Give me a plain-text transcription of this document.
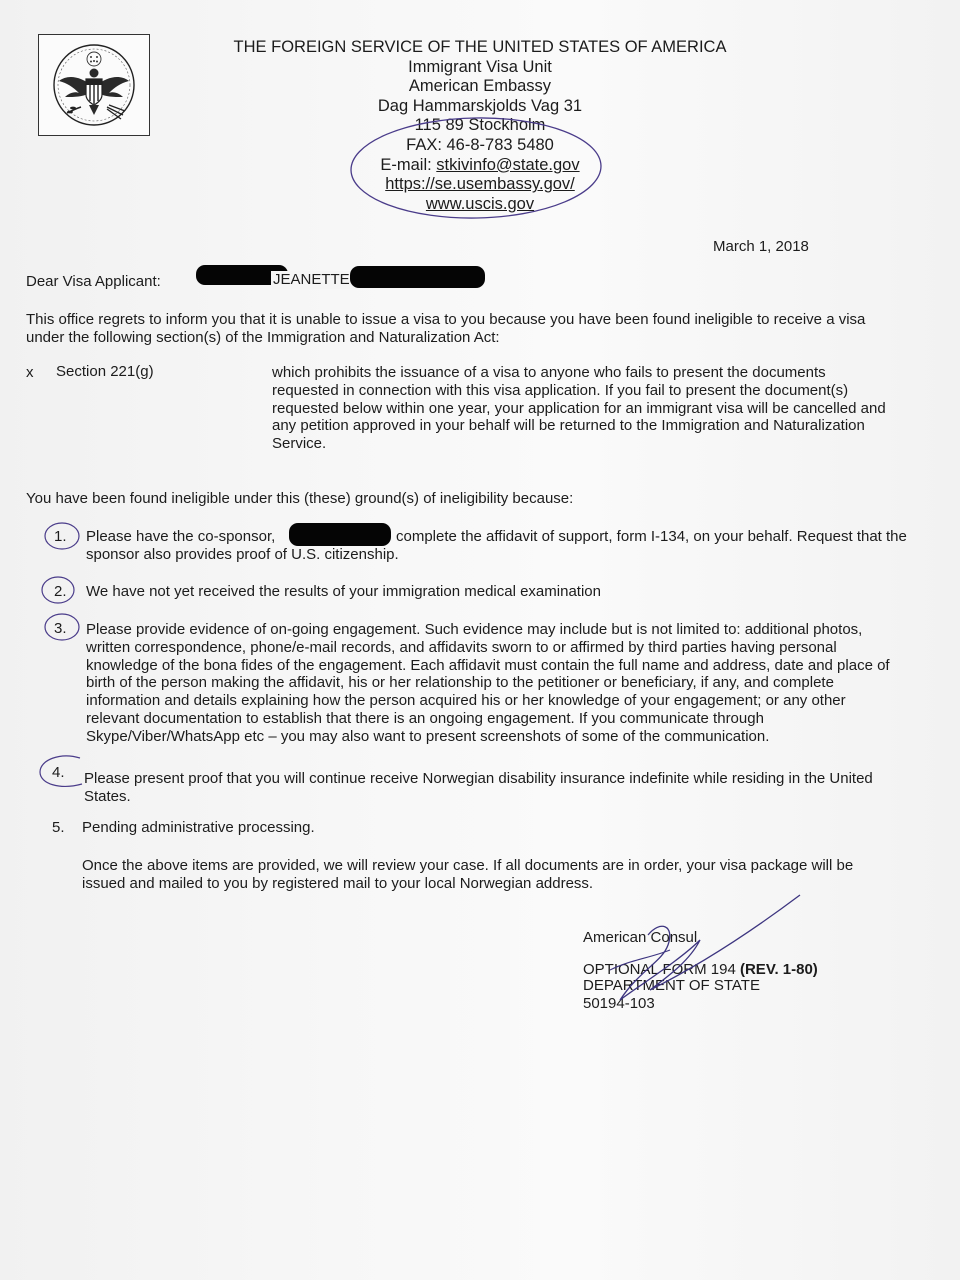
THE FOREIGN SERVICE OF THE UNITED STATES OF AMERICA
Immigrant Visa Unit
American Embassy
Dag Hammarskjolds Vag 31
115 89 Stockholm
FAX: 46-8-783 5480
E-mail: stkivinfo@state.gov
https://se.usembassy.gov/
www.uscis.gov
March 1, 2018
Dear Visa Applicant:	JEANETTE
This office regrets to inform you that it is unable to issue a visa to you because you have been found ineligible to receive a visa
under the following section(s) of the Immigration and Naturalization Act:
x Section 221(g)	which prohibits the issuance of a visa to anyone who fails to present the documents
requested in connection with this visa application. If you fail to present the document(s)
requested below within one year, your application for an immigrant visa will be cancelled and
any petition approved in your behalf will be returned to the Immigration and Naturalization
Service.
You have been found ineligible under this (these) ground(s) of ineligibility because:
1. Please have the co-sponsor,	complete the affidavit of support, form I-134, on your behalf. Request that the
sponsor also provides proof of U.S. citizenship.
2. We have not yet received the results of your immigration medical examination
3. Please provide evidence of on-going engagement. Such evidence may include but is not limited to: additional photos,
written correspondence, phone/e-mail records, and affidavits sworn to or affirmed by third parties having personal
knowledge of the bona fides of the engagement. Each affidavit must contain the full name and address, date and place of
birth of the person making the affidavit, his or her relationship to the petitioner or beneficiary, if any, and complete
information and details explaining how the person acquired his or her knowledge of your engagement; or any other
relevant documentation to establish that there is an ongoing engagement. If you communicate through
Skype/Viber/WhatsApp etc – you may also want to present screenshots of some of the communication.
4. Please present proof that you will continue receive Norwegian disability insurance indefinite while residing in the United
States.
5. Pending administrative processing.
Once the above items are provided, we will review your case. If all documents are in order, your visa package will be
issued and mailed to you by registered mail to your local Norwegian address.
American Consul
OPTIONAL FORM 194 (REV. 1-80)
DEPARTMENT OF STATE
50194-103
